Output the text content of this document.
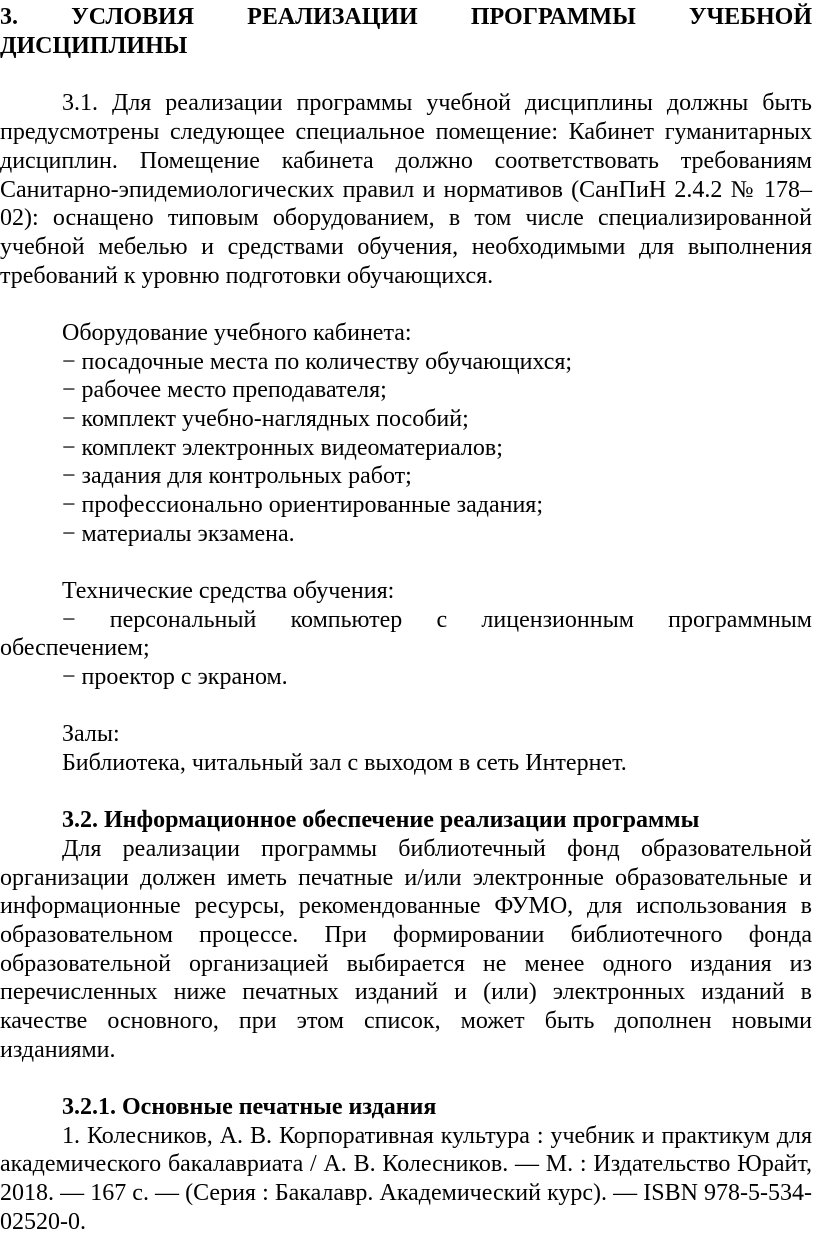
3. УСЛОВИЯ РЕАЛИЗАЦИИ ПРОГРАММЫ УЧЕБНОЙ
ДИСЦИПЛИНЫ
3.1. Для реализации программы учебной дисциплины должны быть
предусмотрены следующее специальное помещение: Кабинет гуманитарных
дисциплин. Помещение кабинета должно соответствовать требованиям
Санитарно-эпидемиологических правил и нормативов (СанПиН 2.4.2 № 178–
02): оснащено типовым оборудованием, в том числе специализированной
учебной мебелью и средствами обучения, необходимыми для выполнения
требований к уровню подготовки обучающихся.
Оборудование учебного кабинета:
− посадочные места по количеству обучающихся;
− рабочее место преподавателя;
− комплект учебно-наглядных пособий;
− комплект электронных видеоматериалов;
− задания для контрольных работ;
− профессионально ориентированные задания;
− материалы экзамена.
Технические средства обучения:
− персональный компьютер с лицензионным программным
обеспечением;
− проектор с экраном.
Залы:
Библиотека, читальный зал с выходом в сеть Интернет.
3.2. Информационное обеспечение реализации программы
Для реализации программы библиотечный фонд образовательной
организации должен иметь печатные и/или электронные образовательные и
информационные ресурсы, рекомендованные ФУМО, для использования в
образовательном процессе. При формировании библиотечного фонда
образовательной организацией выбирается не менее одного издания из
перечисленных ниже печатных изданий и (или) электронных изданий в
качестве основного, при этом список, может быть дополнен новыми
изданиями.
3.2.1. Основные печатные издания
1. Колесников, А. В. Корпоративная культура : учебник и практикум для
академического бакалавриата / А. В. Колесников. — М. : Издательство Юрайт,
2018. — 167 с. — (Серия : Бакалавр. Академический курс). — ISBN 978-5-534-
02520-0.
